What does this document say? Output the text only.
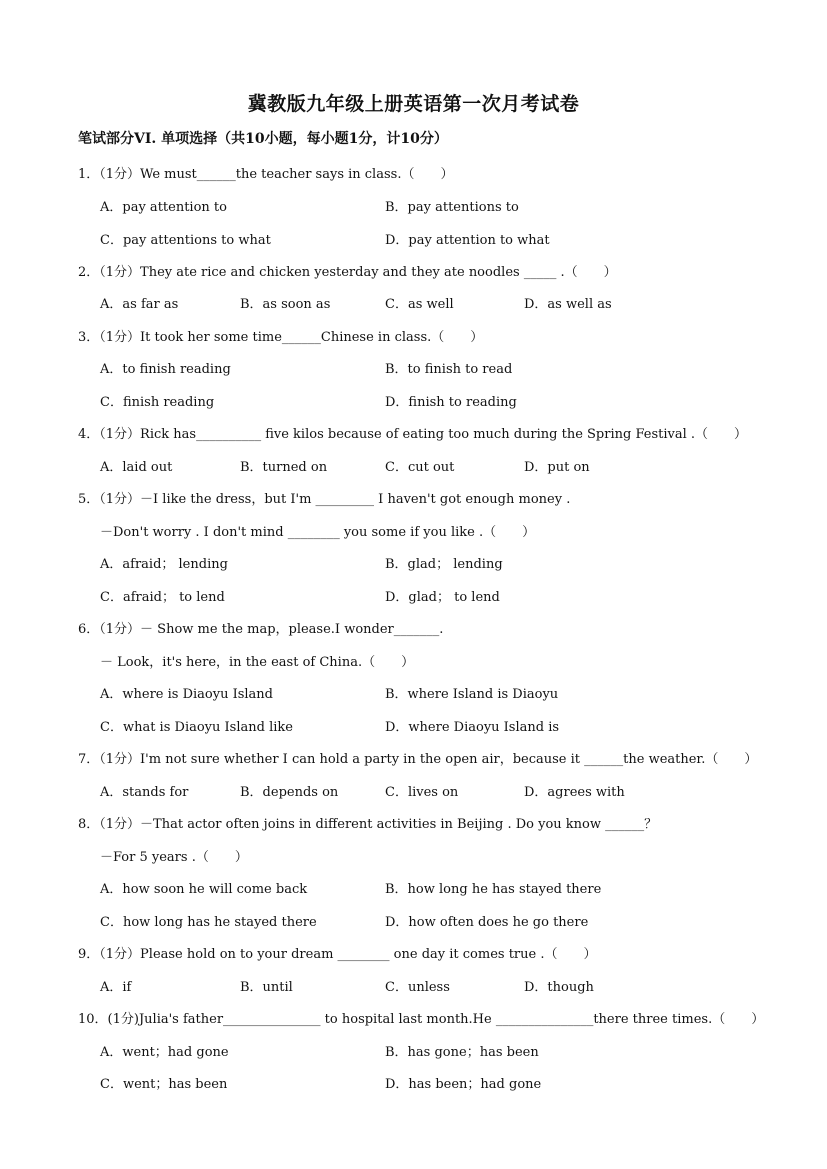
冀教版九年级上册英语第一次月考试卷
笔试部分VI. 单项选择（共10小题，每小题1分，计10分）
1．（1分）We must______the teacher says in class.（　　）
A．pay attention to	B．pay attentions to
C．pay attentions to what	D．pay attention to what
2．（1分）They ate rice and chicken yesterday and they ate noodles _____ .（　　）
A．as far as	B．as soon as	C．as well	D．as well as
3．（1分）It took her some time______Chinese in class.（　　）
A．to finish reading	B．to finish to read
C．finish reading	D．finish to reading
4．（1分）Rick has__________ five kilos because of eating too much during the Spring Festival .（　　）
A．laid out	B．turned on	C．cut out	D．put on
5．（1分）－I like the dress，but I'm _________ I haven't got enough money .
－Don't worry . I don't mind ________ you some if you like .（　　）
A．afraid； lending	B．glad； lending
C．afraid； to lend	D．glad； to lend
6．（1分）－ Show me the map，please.I wonder_______.
－ Look，it's here，in the east of China.（　　）
A．where is Diaoyu Island	B．where Island is Diaoyu
C．what is Diaoyu Island like	D．where Diaoyu Island is
7．（1分）I'm not sure whether I can hold a party in the open air，because it ______the weather.（　　）
A．stands for	B．depends on	C．lives on	D．agrees with
8．（1分）－That actor often joins in different activities in Beijing . Do you know ______？
－For 5 years .（　　）
A．how soon he will come back	B．how long he has stayed there
C．how long has he stayed there	D．how often does he go there
9．（1分）Please hold on to your dream ________ one day it comes true .（　　）
A．if	B．until	C．unless	D．though
10．(1分)Julia's father_______________ to hospital last month.He _______________there three times.（　　）
A．went；had gone	B．has gone；has been
C．went；has been	D．has been；had gone
